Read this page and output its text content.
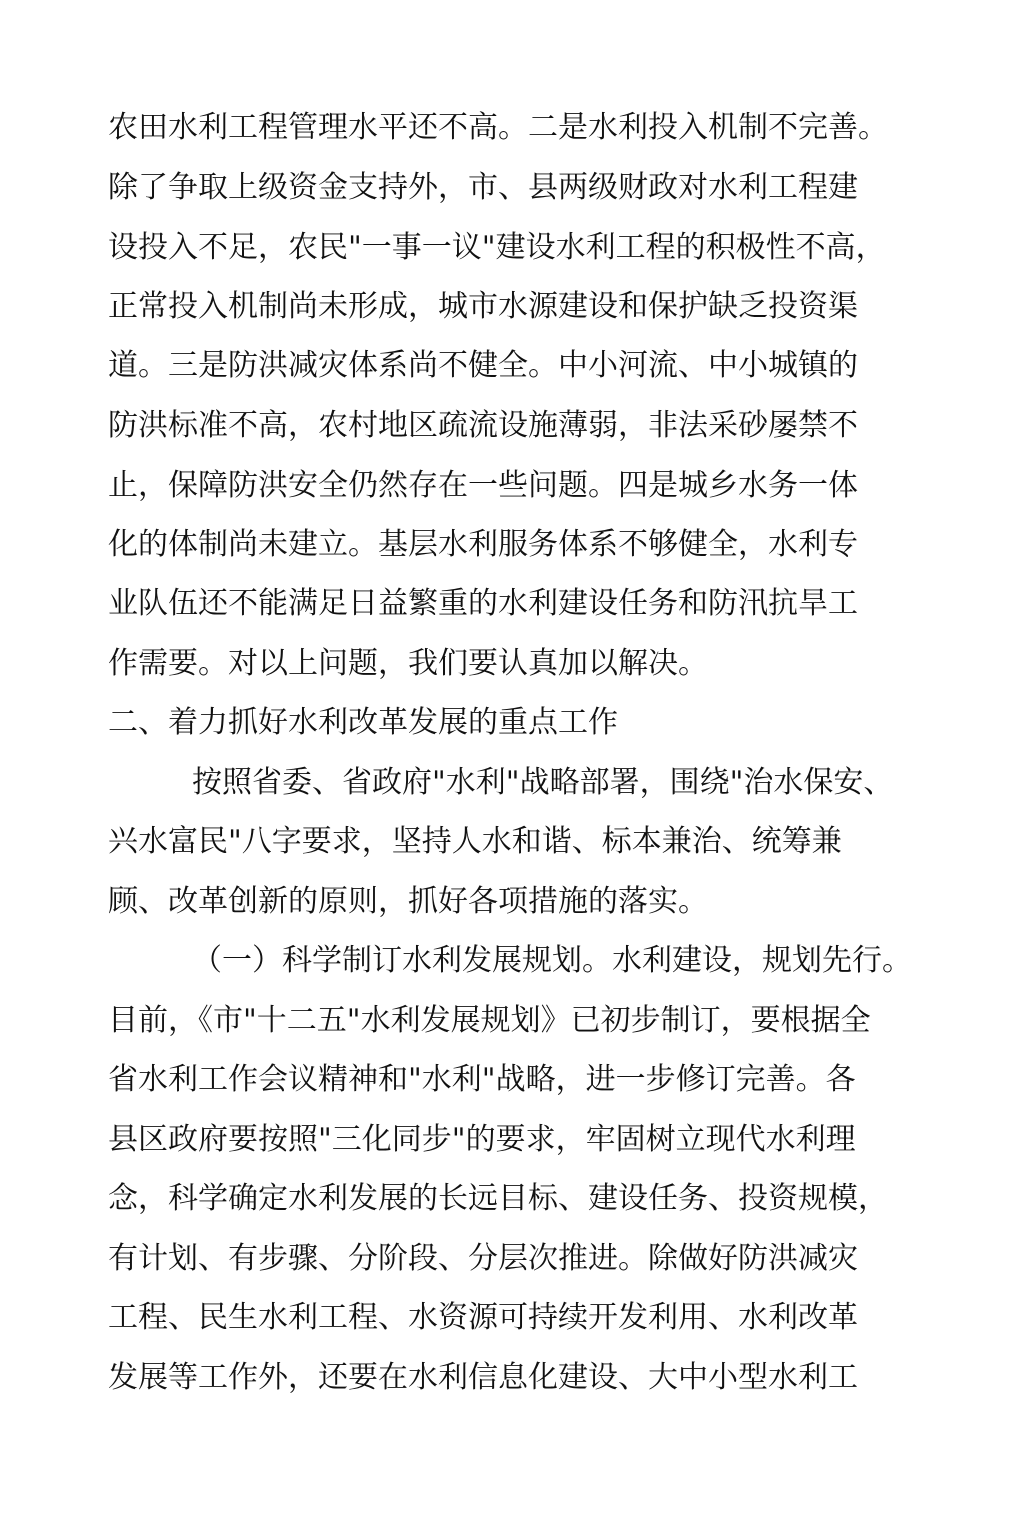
农田水利工程管理水平还不高。二是水利投入机制不完善。
除了争取上级资金支持外，市、县两级财政对水利工程建
设投入不足，农民"一事一议"建设水利工程的积极性不高，
正常投入机制尚未形成，城市水源建设和保护缺乏投资渠
道。三是防洪减灾体系尚不健全。中小河流、中小城镇的
防洪标准不高，农村地区疏流设施薄弱，非法采砂屡禁不
止，保障防洪安全仍然存在一些问题。四是城乡水务一体
化的体制尚未建立。基层水利服务体系不够健全，水利专
业队伍还不能满足日益繁重的水利建设任务和防汛抗旱工
作需要。对以上问题，我们要认真加以解决。
二、着力抓好水利改革发展的重点工作
按照省委、省政府"水利"战略部署，围绕"治水保安、
兴水富民"八字要求，坚持人水和谐、标本兼治、统筹兼
顾、改革创新的原则，抓好各项措施的落实。
（一）科学制订水利发展规划。水利建设，规划先行。
目前，《市"十二五"水利发展规划》已初步制订，要根据全
省水利工作会议精神和"水利"战略，进一步修订完善。各
县区政府要按照"三化同步"的要求，牢固树立现代水利理
念，科学确定水利发展的长远目标、建设任务、投资规模，
有计划、有步骤、分阶段、分层次推进。除做好防洪减灾
工程、民生水利工程、水资源可持续开发利用、水利改革
发展等工作外，还要在水利信息化建设、大中小型水利工
